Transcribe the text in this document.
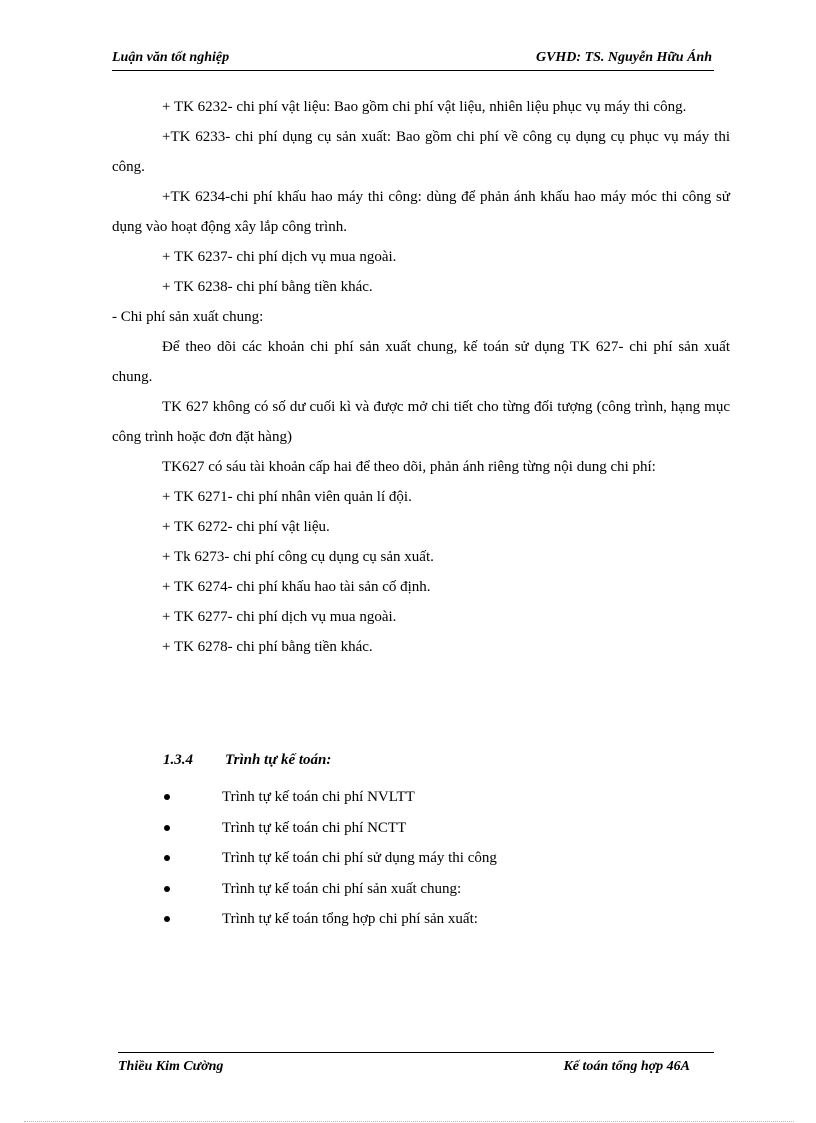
Luận văn tốt nghiệp	GVHD: TS. Nguyễn Hữu Ánh

+ TK 6232- chi phí vật liệu: Bao gồm chi phí vật liệu, nhiên liệu phục vụ máy thi công.

+TK 6233- chi phí dụng cụ sản xuất: Bao gồm chi phí về công cụ dụng cụ phục vụ máy thi công.

+TK 6234-chi phí khấu hao máy thi công: dùng để phản ánh khấu hao máy móc thi công sử dụng vào hoạt động xây lắp công trình.

+ TK 6237- chi phí dịch vụ mua ngoài.

+ TK 6238- chi phí bằng tiền khác.

- Chi phí sản xuất chung:

Để theo dõi các khoản chi phí sản xuất chung, kế toán sử dụng TK 627- chi phí sản xuất chung.

TK 627 không có số dư cuối kì và được mở chi tiết cho từng đối tượng (công trình, hạng mục công trình hoặc đơn đặt hàng)

TK627 có sáu tài khoản cấp hai để theo dõi, phản ánh riêng từng nội dung chi phí:

+ TK 6271- chi phí nhân viên quản lí đội.

+ TK 6272- chi phí vật liệu.

+ Tk 6273- chi phí công cụ dụng cụ sản xuất.

+ TK 6274- chi phí khấu hao tài sản cố định.

+ TK 6277- chi phí dịch vụ mua ngoài.

+ TK 6278- chi phí bằng tiền khác.

1.3.4 Trình tự kế toán:
Trình tự kế toán chi phí NVLTT
Trình tự kế toán chi phí NCTT
Trình tự kế toán chi phí sử dụng máy thi công
Trình tự kế toán chi phí sản xuất chung:
Trình tự kế toán tổng hợp chi phí sản xuất:
Thiều Kim Cường	Kế toán tổng hợp 46A
